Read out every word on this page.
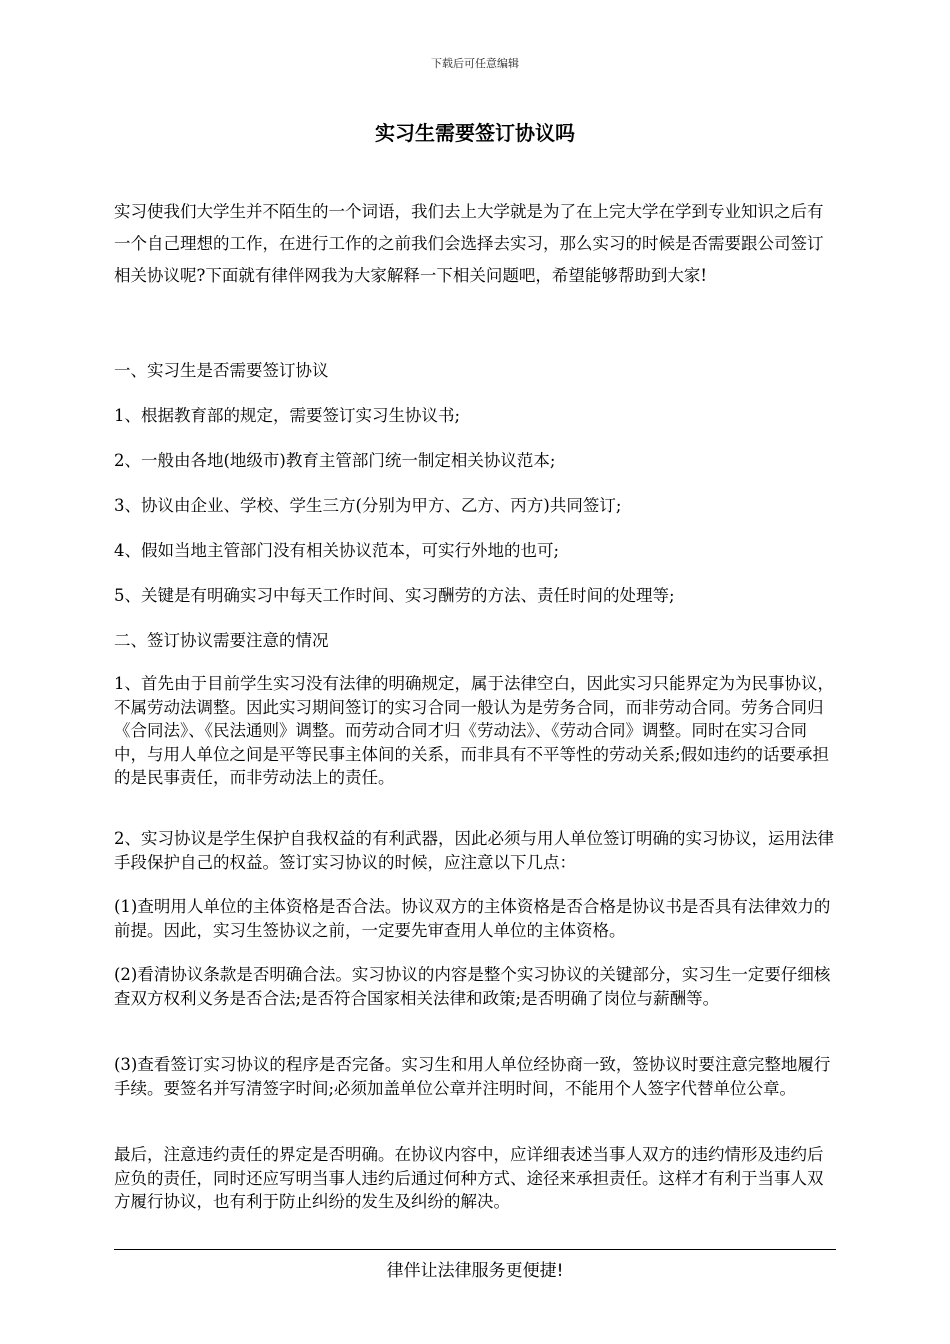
下载后可任意编辑
实习生需要签订协议吗

实习使我们大学生并不陌生的一个词语，我们去上大学就是为了在上完大学在学到专业知识之后有一个自己理想的工作，在进行工作的之前我们会选择去实习，那么实习的时候是否需要跟公司签订相关协议呢?下面就有律伴网我为大家解释一下相关问题吧，希望能够帮助到大家!

一、实习生是否需要签订协议

1、根据教育部的规定，需要签订实习生协议书;

2、一般由各地(地级市)教育主管部门统一制定相关协议范本;

3、协议由企业、学校、学生三方(分别为甲方、乙方、丙方)共同签订;

4、假如当地主管部门没有相关协议范本，可实行外地的也可;

5、关键是有明确实习中每天工作时间、实习酬劳的方法、责任时间的处理等;

二、签订协议需要注意的情况

1、首先由于目前学生实习没有法律的明确规定，属于法律空白，因此实习只能界定为为民事协议，不属劳动法调整。因此实习期间签订的实习合同一般认为是劳务合同，而非劳动合同。劳务合同归《合同法》、《民法通则》调整。而劳动合同才归《劳动法》、《劳动合同》调整。同时在实习合同中，与用人单位之间是平等民事主体间的关系，而非具有不平等性的劳动关系;假如违约的话要承担的是民事责任，而非劳动法上的责任。

2、实习协议是学生保护自我权益的有利武器，因此必须与用人单位签订明确的实习协议，运用法律手段保护自己的权益。签订实习协议的时候，应注意以下几点：

(1)查明用人单位的主体资格是否合法。协议双方的主体资格是否合格是协议书是否具有法律效力的前提。因此，实习生签协议之前，一定要先审查用人单位的主体资格。

(2)看清协议条款是否明确合法。实习协议的内容是整个实习协议的关键部分，实习生一定要仔细核查双方权利义务是否合法;是否符合国家相关法律和政策;是否明确了岗位与薪酬等。

(3)查看签订实习协议的程序是否完备。实习生和用人单位经协商一致，签协议时要注意完整地履行手续。要签名并写清签字时间;必须加盖单位公章并注明时间，不能用个人签字代替单位公章。

最后，注意违约责任的界定是否明确。在协议内容中，应详细表述当事人双方的违约情形及违约后应负的责任，同时还应写明当事人违约后通过何种方式、途径来承担责任。这样才有利于当事人双方履行协议，也有利于防止纠纷的发生及纠纷的解决。

律伴让法律服务更便捷!
